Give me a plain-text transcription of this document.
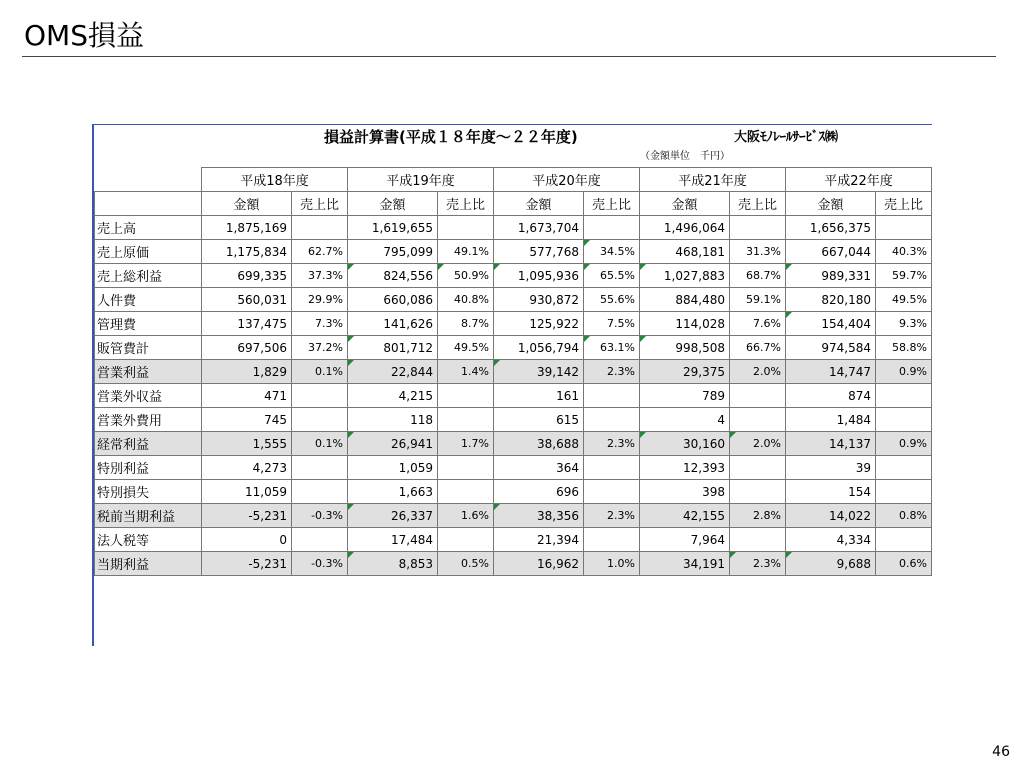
OMS損益
損益計算書(平成１８年度～２２年度)	大阪ﾓﾉﾚｰﾙｻｰﾋﾞｽ㈱
（金額単位　千円）
	平成18年度		平成19年度		平成20年度		平成21年度		平成22年度	
	金額	売上比	金額	売上比	金額	売上比	金額	売上比	金額	売上比
売上高	1,875,169		1,619,655		1,673,704		1,496,064		1,656,375	
売上原価	1,175,834	62.7%	795,099	49.1%	577,768	34.5%	468,181	31.3%	667,044	40.3%
売上総利益	699,335	37.3%	824,556	50.9%	1,095,936	65.5%	1,027,883	68.7%	989,331	59.7%
人件費	560,031	29.9%	660,086	40.8%	930,872	55.6%	884,480	59.1%	820,180	49.5%
管理費	137,475	7.3%	141,626	8.7%	125,922	7.5%	114,028	7.6%	154,404	9.3%
販管費計	697,506	37.2%	801,712	49.5%	1,056,794	63.1%	998,508	66.7%	974,584	58.8%
営業利益	1,829	0.1%	22,844	1.4%	39,142	2.3%	29,375	2.0%	14,747	0.9%
営業外収益	471		4,215		161		789		874	
営業外費用	745		118		615		4		1,484	
経常利益	1,555	0.1%	26,941	1.7%	38,688	2.3%	30,160	2.0%	14,137	0.9%
特別利益	4,273		1,059		364		12,393		39	
特別損失	11,059		1,663		696		398		154	
税前当期利益	-5,231	-0.3%	26,337	1.6%	38,356	2.3%	42,155	2.8%	14,022	0.8%
法人税等	0		17,484		21,394		7,964		4,334	
当期利益	-5,231	-0.3%	8,853	0.5%	16,962	1.0%	34,191	2.3%	9,688	0.6%
46
